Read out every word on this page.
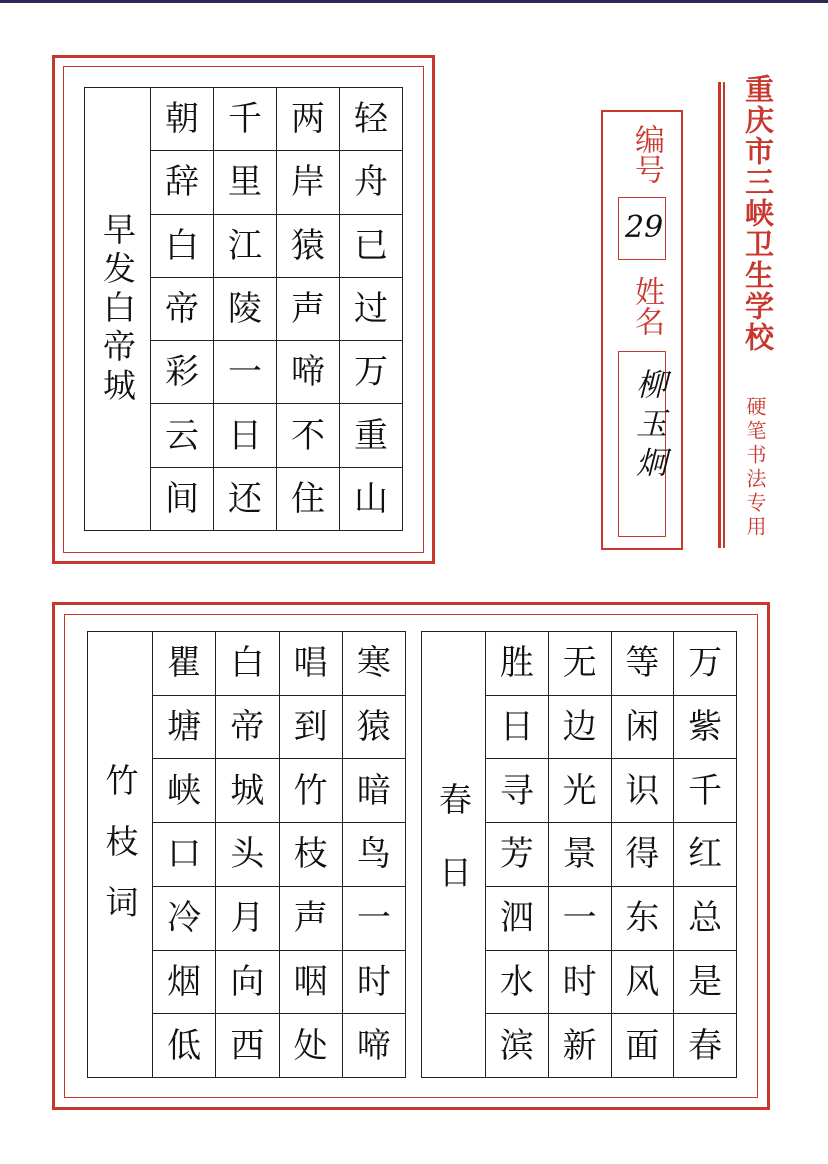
早发白帝城
朝	千	两	轻
辞	里	岸	舟
白	江	猿	已
帝	陵	声	过
彩	一	啼	万
云	日	不	重
间	还	住	山
编号
29
姓名
柳玉炯
重庆市三峡卫生学校
硬笔书法专用
竹枝词
瞿	白	唱	寒
塘	帝	到	猿
峡	城	竹	暗
口	头	枝	鸟
冷	月	声	一
烟	向	咽	时
低	西	处	啼
春日
胜	无	等	万
日	边	闲	紫
寻	光	识	千
芳	景	得	红
泗	一	东	总
水	时	风	是
滨	新	面	春
